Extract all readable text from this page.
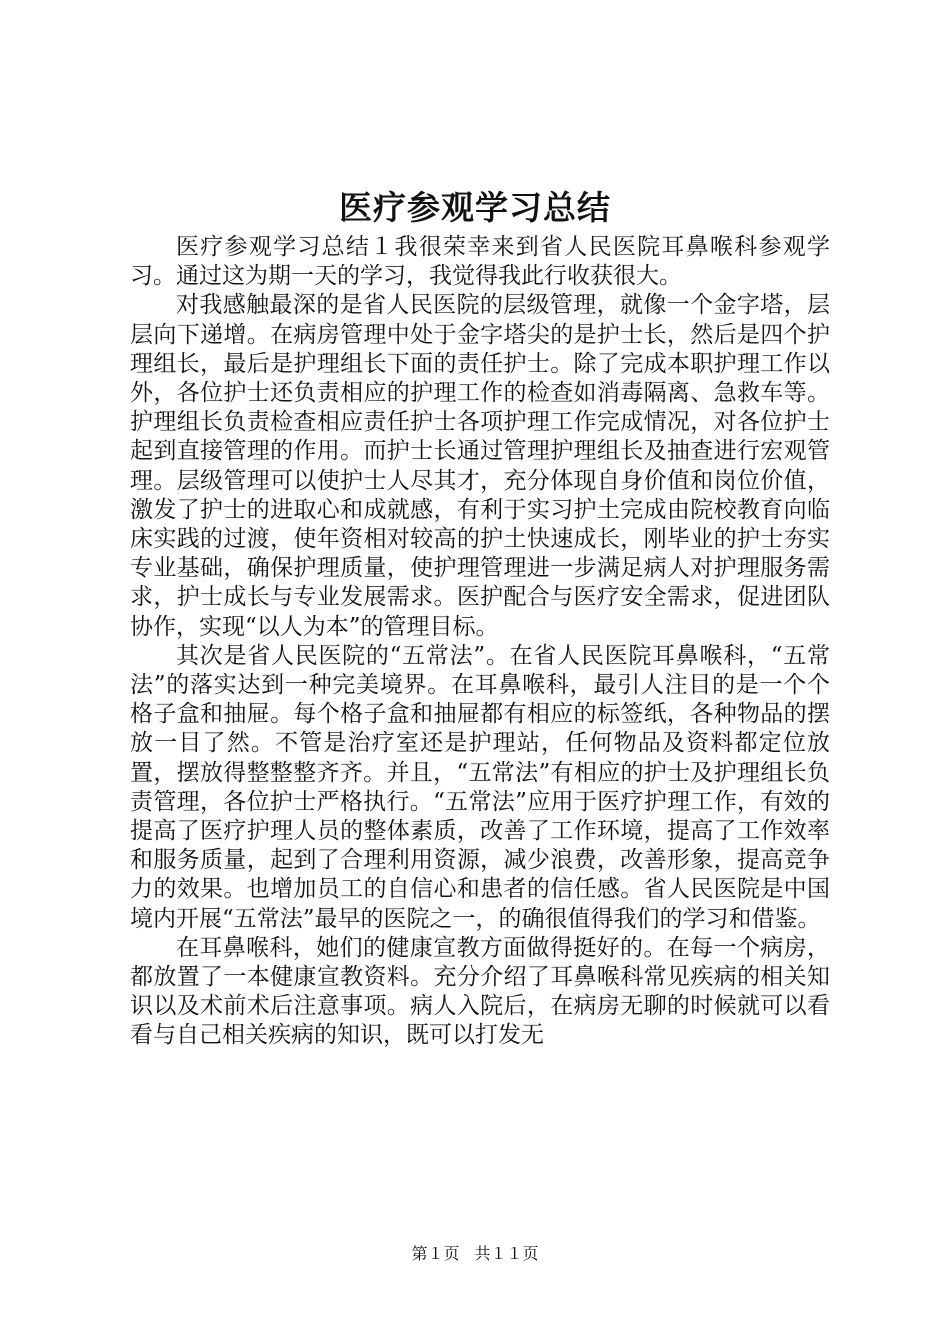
医疗参观学习总结

医疗参观学习总结１我很荣幸来到省人民医院耳鼻喉科参观学习。通过这为期一天的学习，我觉得我此行收获很大。

对我感触最深的是省人民医院的层级管理，就像一个金字塔，层层向下递增。在病房管理中处于金字塔尖的是护士长，然后是四个护理组长，最后是护理组长下面的责任护士。除了完成本职护理工作以外，各位护士还负责相应的护理工作的检查如消毒隔离、急救车等。护理组长负责检查相应责任护士各项护理工作完成情况，对各位护士起到直接管理的作用。而护士长通过管理护理组长及抽查进行宏观管理。层级管理可以使护士人尽其才，充分体现自身价值和岗位价值，激发了护士的进取心和成就感，有利于实习护土完成由院校教育向临床实践的过渡，使年资相对较高的护土快速成长，刚毕业的护士夯实专业基础，确保护理质量，使护理管理进一步满足病人对护理服务需求，护士成长与专业发展需求。医护配合与医疗安全需求，促进团队协作，实现“以人为本”的管理目标。

其次是省人民医院的“五常法”。在省人民医院耳鼻喉科，“五常法”的落实达到一种完美境界。在耳鼻喉科，最引人注目的是一个个格子盒和抽屉。每个格子盒和抽屉都有相应的标签纸，各种物品的摆放一目了然。不管是治疗室还是护理站，任何物品及资料都定位放置，摆放得整整整齐齐。并且，“五常法”有相应的护士及护理组长负责管理，各位护士严格执行。“五常法”应用于医疗护理工作，有效的提高了医疗护理人员的整体素质，改善了工作环境，提高了工作效率和服务质量，起到了合理利用资源，减少浪费，改善形象，提高竞争力的效果。也增加员工的自信心和患者的信任感。省人民医院是中国境内开展“五常法”最早的医院之一，的确很值得我们的学习和借鉴。

在耳鼻喉科，她们的健康宣教方面做得挺好的。在每一个病房，都放置了一本健康宣教资料。充分介绍了耳鼻喉科常见疾病的相关知识以及术前术后注意事项。病人入院后，在病房无聊的时候就可以看看与自己相关疾病的知识，既可以打发无

第１页 共１１页
